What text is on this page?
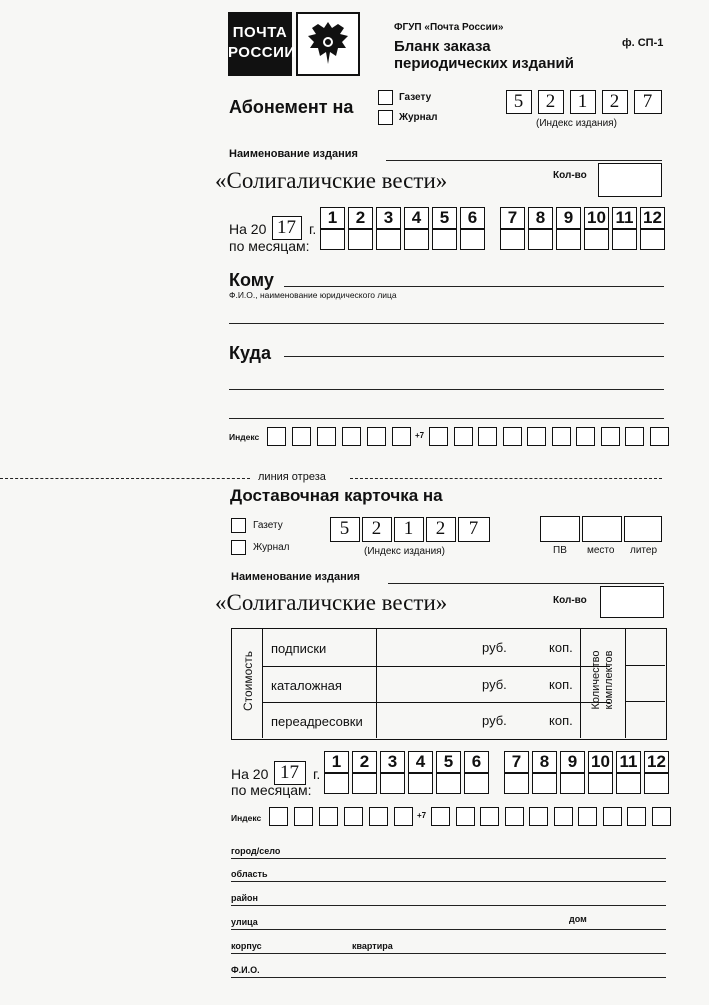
ПОЧТА
РОССИИ
ФГУП «Почта России»
Бланк заказа
периодических изданий
ф. СП-1
Абонемент на	Газету
Журнал
5	2	1	2	7
(Индекс издания)
Наименование издания
«Солигаличские вести»	Кол-во
На 20 17 г.
по месяцам:
1	2	3	4	5	6	7	8	9 10 11 12
Кому
Ф.И.О., наименование юридического лица
Куда
Индекс	+7
линия отреза
Доставочная карточка на
Газету
Журнал
5	2	1	2	7
(Индекс издания)	ПВ место литер
Наименование издания
«Солигаличские вести»	Кол-во
Стоимость
подписки	руб.	коп.
каталожная	руб.	коп.
переадресовки	руб.	коп.
Количество комплектов
На 20 17	г.
по месяцам:
1	2	3	4	5	6	7	8	9 10 11 12
Индекс	+7
город/село
область
район
улица	дом
корпус	квартира
Ф.И.О.
